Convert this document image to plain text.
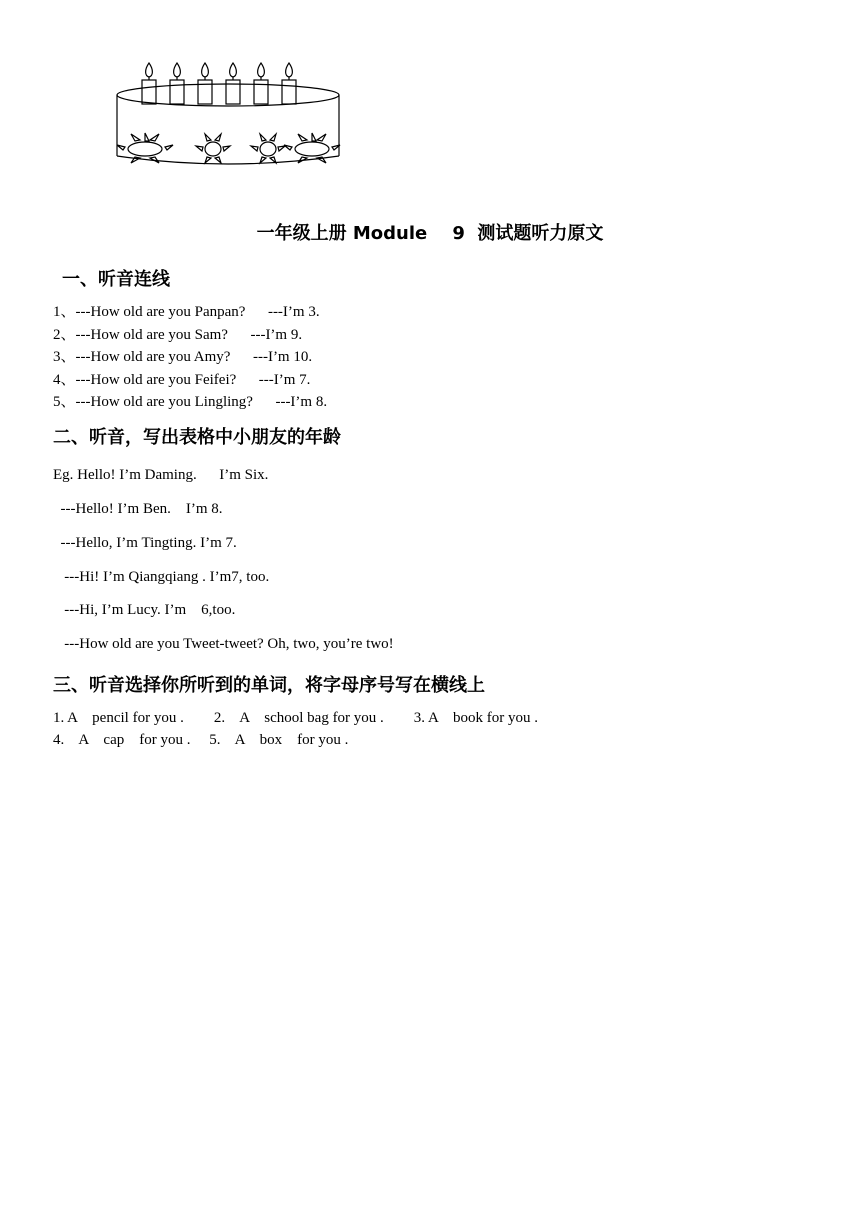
一年级上册 Module    9  测试题听力原文
一、听音连线
1、---How old are you Panpan?      ---I’m 3.
2、---How old are you Sam?      ---I’m 9.
3、---How old are you Amy?      ---I’m 10.
4、---How old are you Feifei?      ---I’m 7.
5、---How old are you Lingling?      ---I’m 8.
二、听音，写出表格中小朋友的年龄
Eg. Hello! I’m Daming.      I’m Six.
---Hello! I’m Ben.    I’m 8.
---Hello, I’m Tingting. I’m 7.
---Hi! I’m Qiangqiang . I’m7, too.
---Hi, I’m Lucy. I’m    6,too.
---How old are you Tweet-tweet? Oh, two, you’re two!
三、听音选择你所听到的单词，将字母序号写在横线上
1. A    pencil for you .        2.    A    school bag for you .        3. A    book for you .
4.    A    cap    for you .     5.    A    box    for you .
